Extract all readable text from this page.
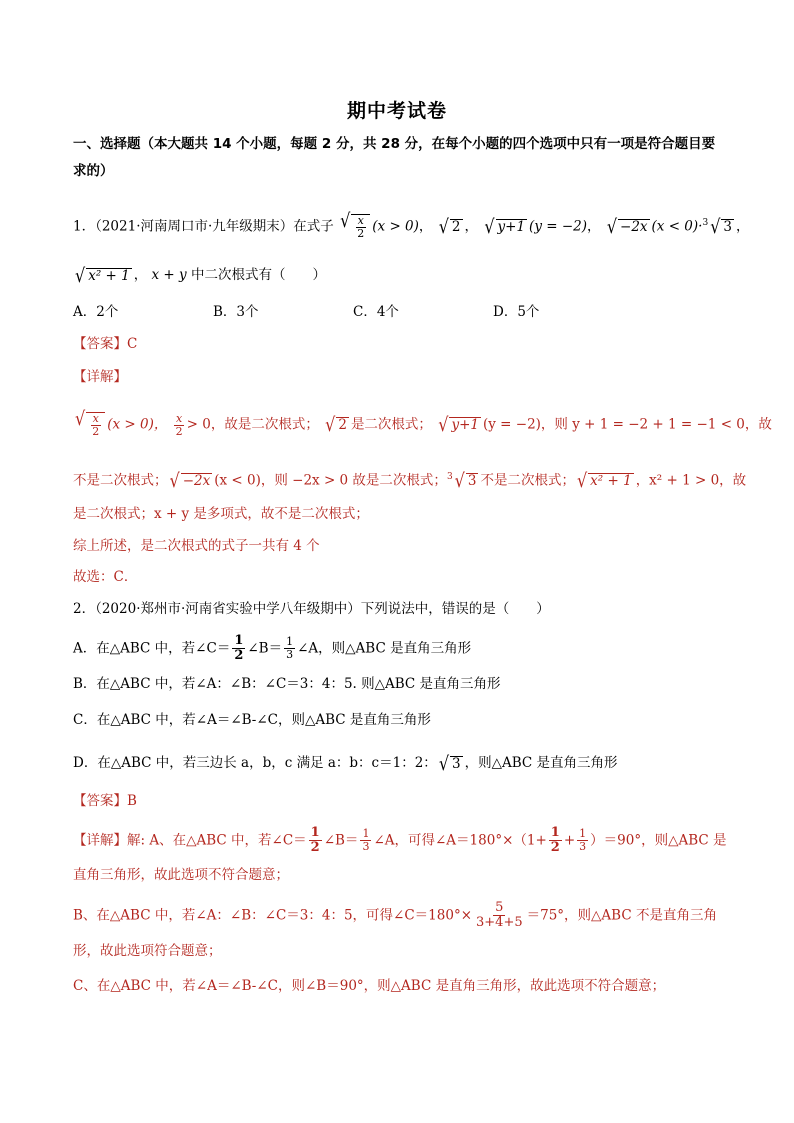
期中考试卷
一、选择题（本大题共 14 个小题，每题 2 分，共 28 分，在每个小题的四个选项中只有一项是符合题目要
求的）
1．（2021·河南周口市·九年级期末）在式子 √ $\frac{x}{2} (x > 0)$， √ 2 ， √ y+1 (y = −2)， √ −2x (x < 0)·$^3$ √ 3 ，
√ x² + 1 ， x + y 中二次根式有（　　）
A．2个	B．3个	C．4个	D．5个
【答案】C
【详解】
√ $\frac{x}{2} (x > 0)$， $\frac{x}{2} > 0$，故是二次根式； √ 2 是二次根式； √ y+1 (y = −2)，则 y + 1 = −2 + 1 = −1 < 0，故
不是二次根式； √ −2x (x < 0)，则 −2x > 0 故是二次根式；$^3$ √ 3 不是二次根式； √ x² + 1 ，x² + 1 > 0，故
是二次根式；x + y 是多项式，故不是二次根式；
综上所述，是二次根式的式子一共有 4 个
故选：C．
2．（2020·郑州市·河南省实验中学八年级期中）下列说法中，错误的是（　　）
A．在△ABC 中，若∠C＝ $\frac{1}{2}$ ∠B＝ $\frac{1}{3}$ ∠A，则△ABC 是直角三角形
B．在△ABC 中，若∠A：∠B：∠C＝3：4：5. 则△ABC 是直角三角形
C．在△ABC 中，若∠A＝∠B-∠C，则△ABC 是直角三角形
D．在△ABC 中，若三边长 a，b，c 满足 a：b：c＝1：2： √ 3 ，则△ABC 是直角三角形
【答案】B
【详解】解: A、在△ABC 中，若∠C＝ $\frac{1}{2}$ ∠B＝ $\frac{1}{3}$ ∠A，可得∠A＝180°×（1+ $\frac{1}{2} + \frac{1}{3} )=90^\circ$，则△ABC 是
直角三角形，故此选项不符合题意；
B、在△ABC 中，若∠A：∠B：∠C＝3：4：5，可得∠C＝180°× $\frac{5}{3+4+5} =75^\circ$，则△ABC 不是直角三角
形，故此选项符合题意；
C、在△ABC 中，若∠A＝∠B-∠C，则∠B＝90°，则△ABC 是直角三角形，故此选项不符合题意；
